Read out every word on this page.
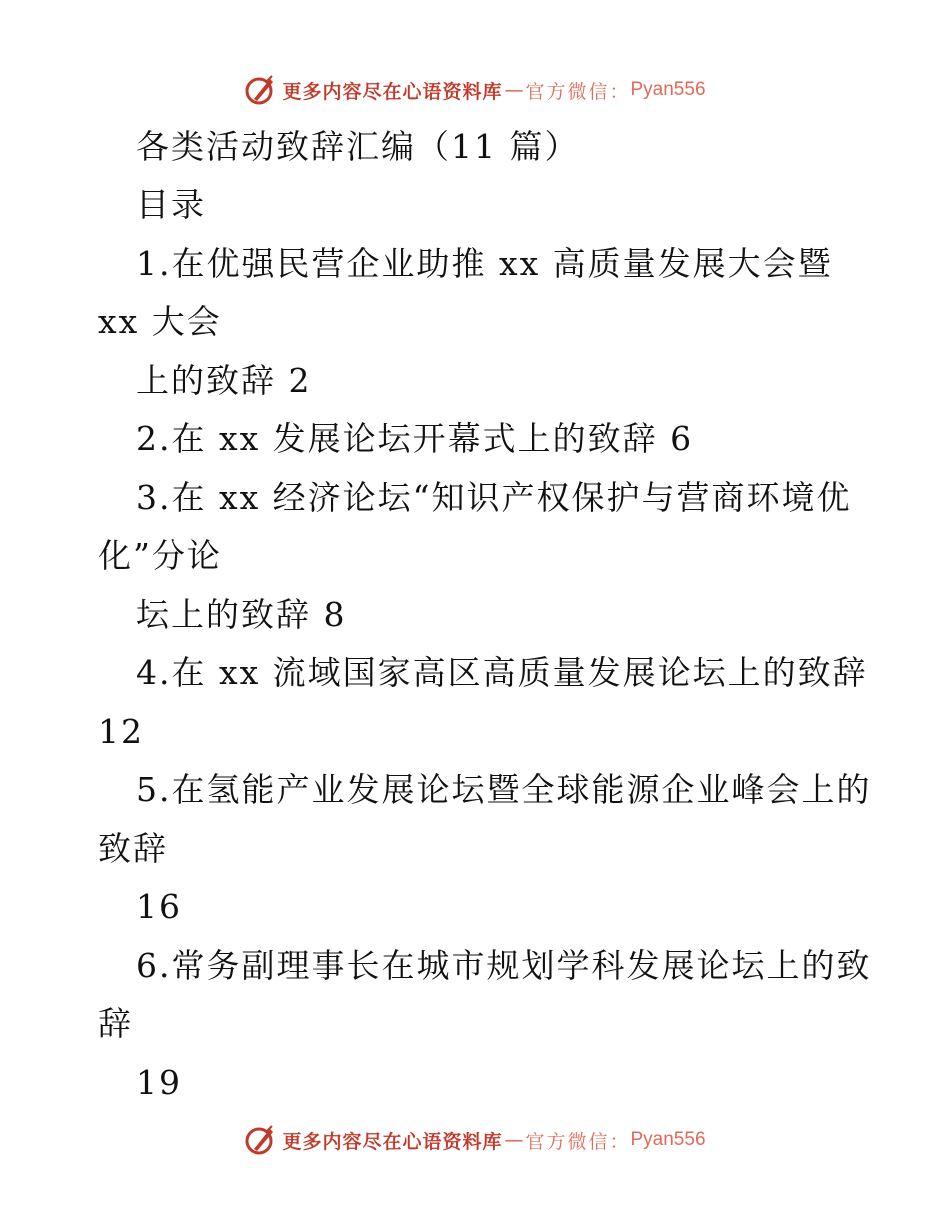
更多内容尽在心语资料库 — 官方微信： Pyan556
各类活动致辞汇编（11 篇）
目录
1.在优强民营企业助推 xx 高质量发展大会暨
xx 大会
上的致辞 2
2.在 xx 发展论坛开幕式上的致辞 6
3.在 xx 经济论坛“知识产权保护与营商环境优
化”分论
坛上的致辞 8
4.在 xx 流域国家高区高质量发展论坛上的致辞
12
5.在氢能产业发展论坛暨全球能源企业峰会上的
致辞
16
6.常务副理事长在城市规划学科发展论坛上的致
辞
19
更多内容尽在心语资料库 — 官方微信： Pyan556
